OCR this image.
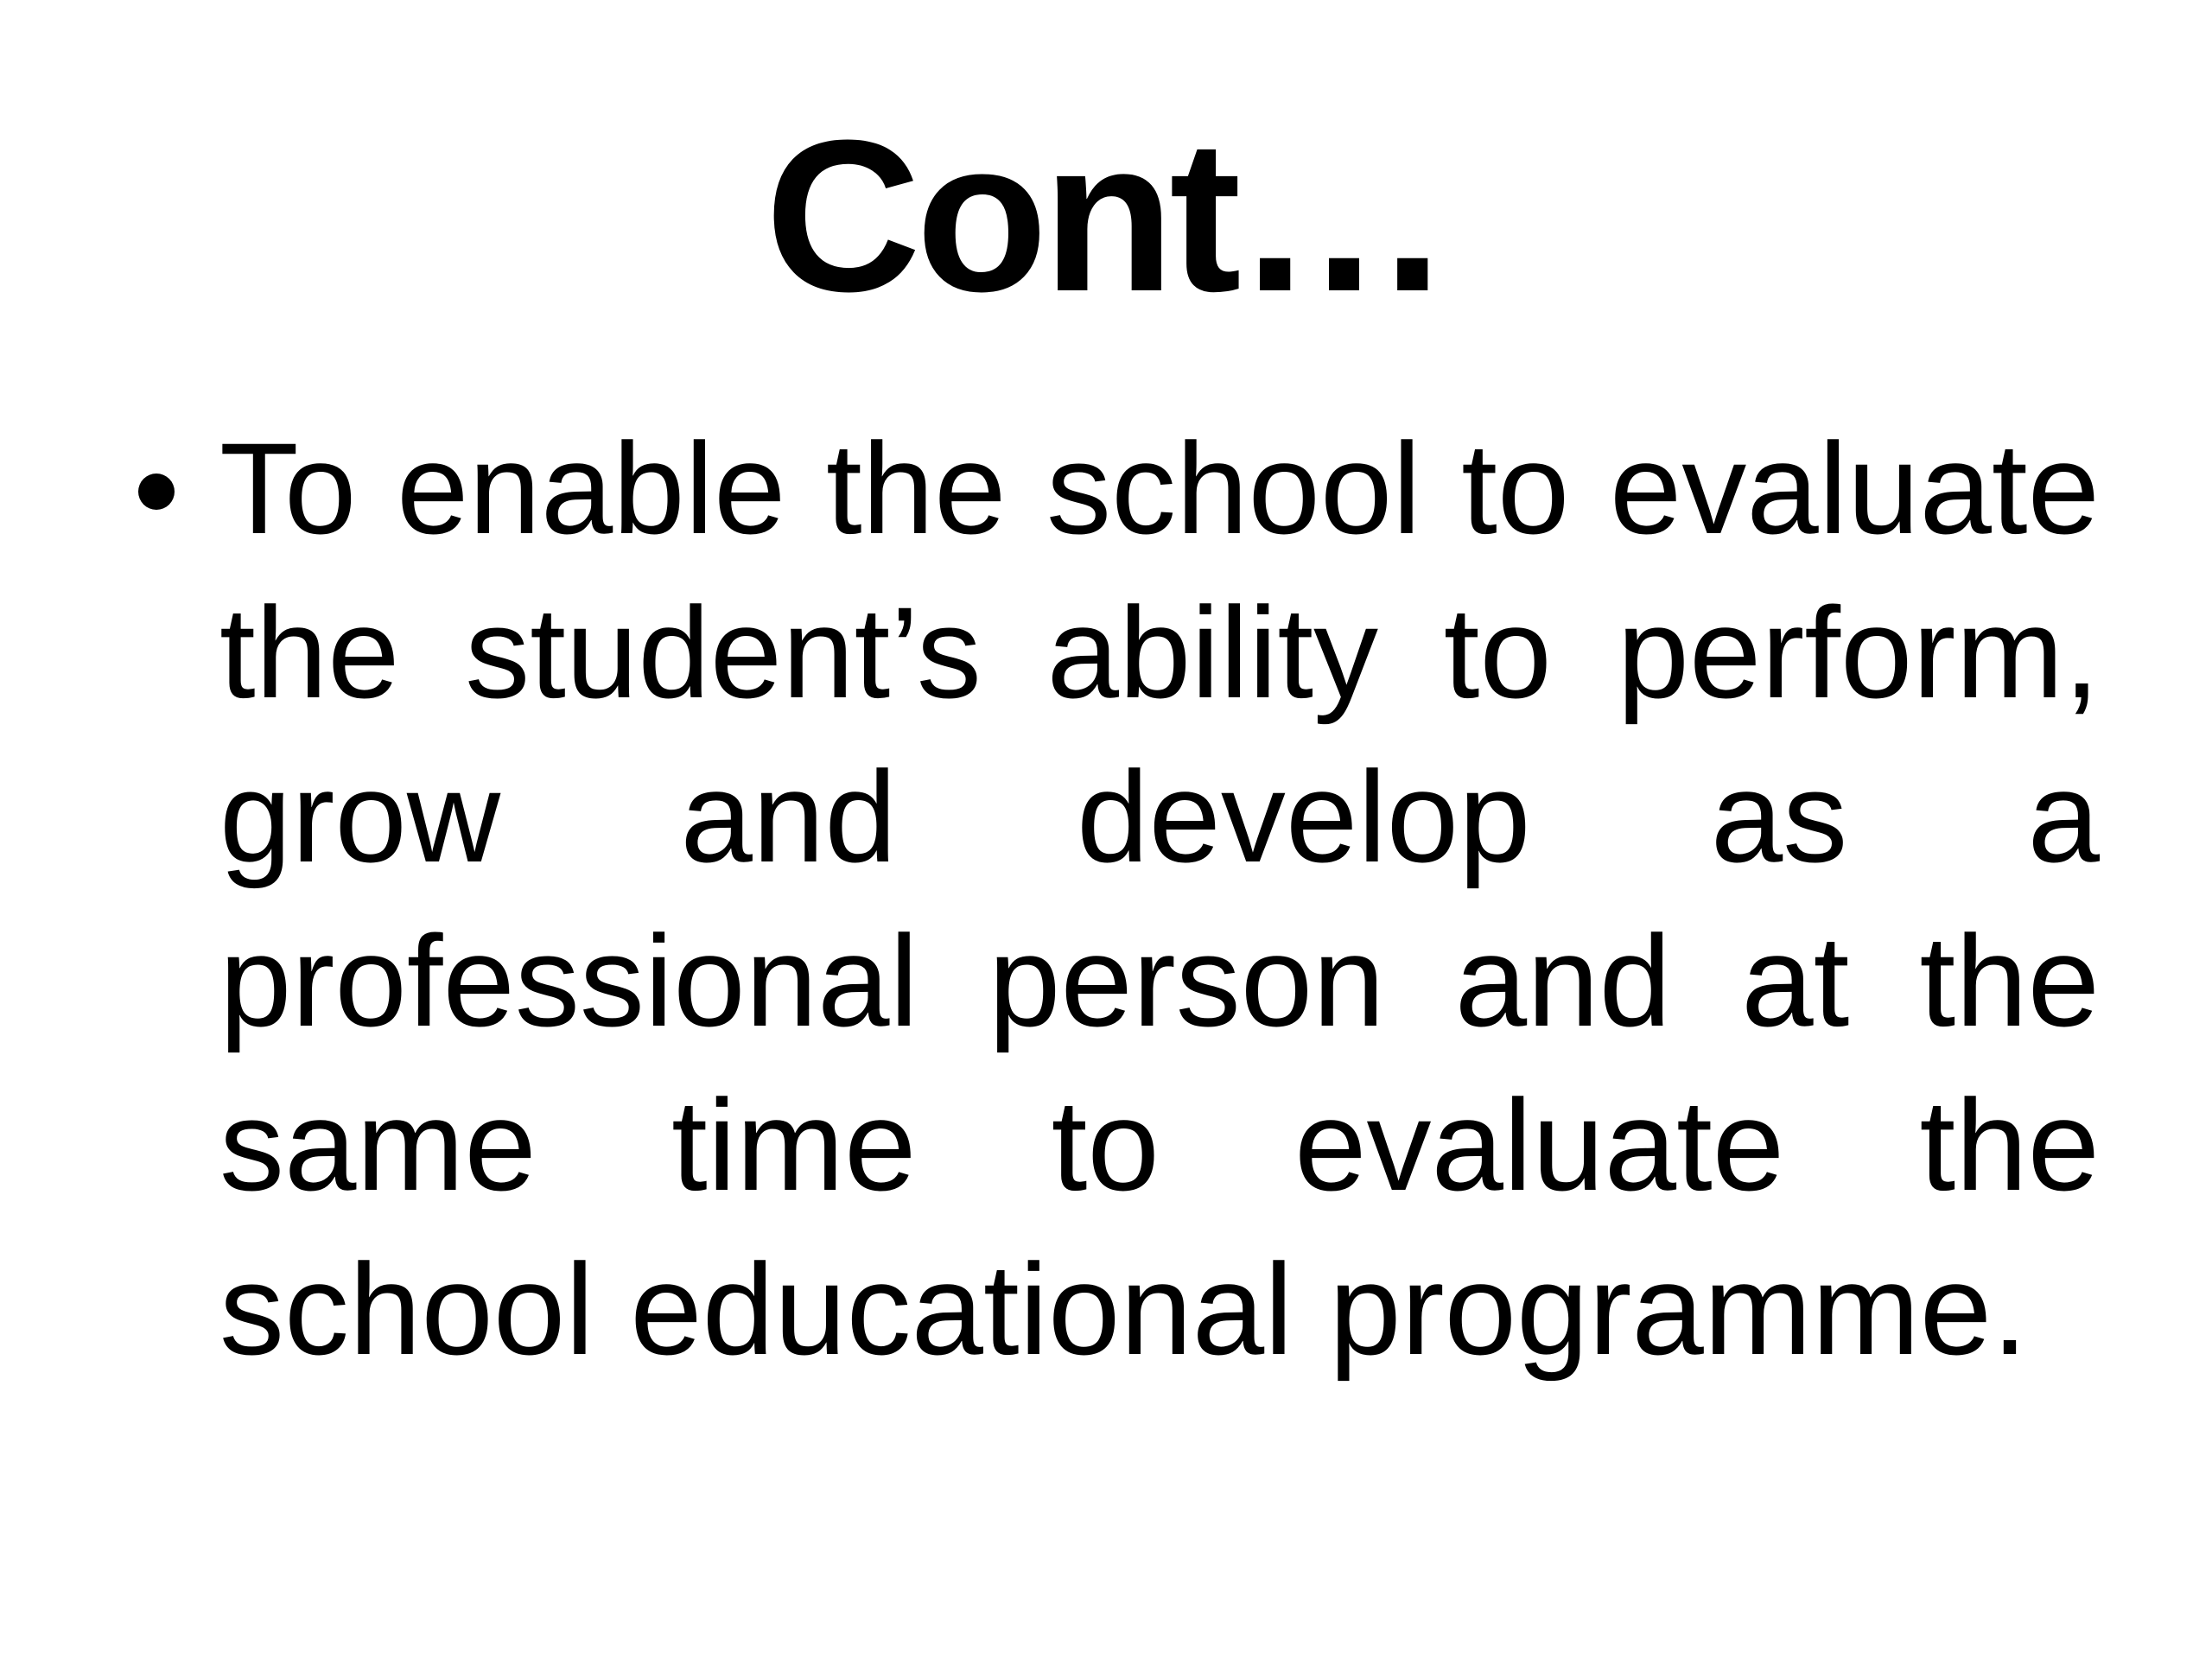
Cont…
To enable the school to evaluate the student’s ability to perform, grow and develop as a professional person and at the same time to evaluate the school educational programme.
